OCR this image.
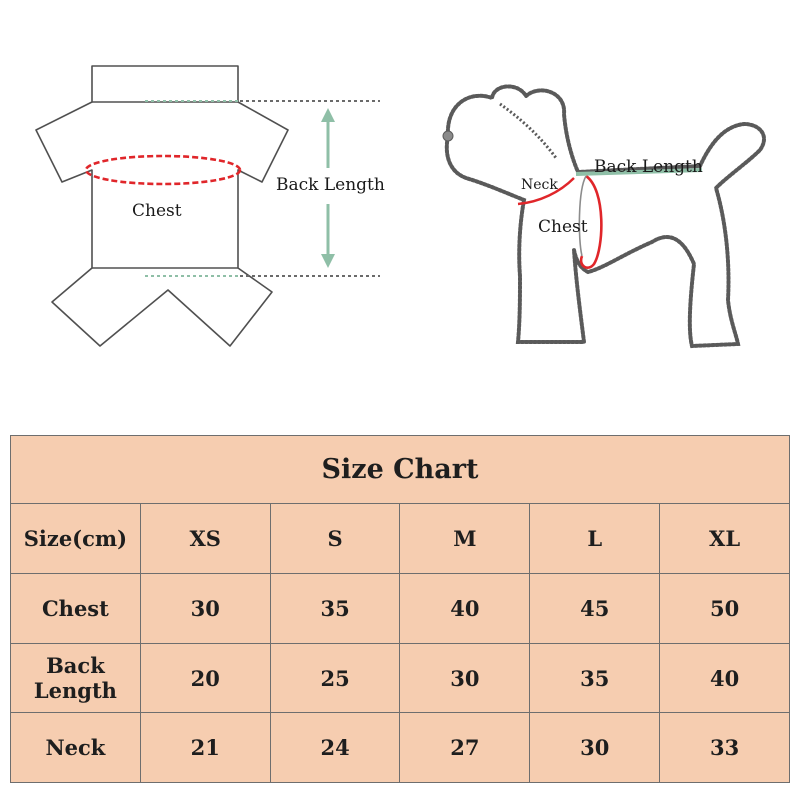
Chest
Back Length	Neck
Chest
Back Length
Size Chart					
Size(cm)	XS	S	M	L	XL
Chest	30	35	40	45	50
Back Length	20	25	30	35	40
Neck	21	24	27	30	33
